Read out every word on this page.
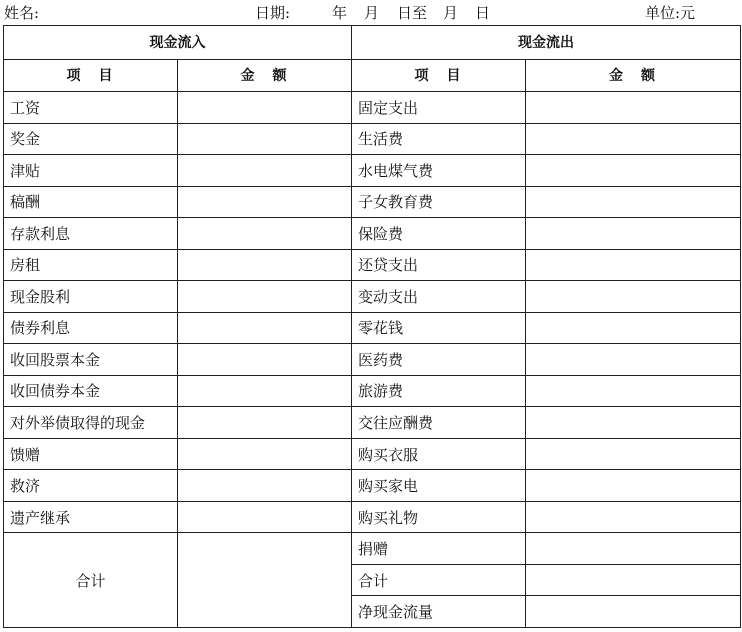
姓名:	日期:	年 月 日至 月 日	单位:元
现金流入		现金流出	
项　目	金　额	项　目	金　额
工资		固定支出	
奖金		生活费	
津贴		水电煤气费	
稿酬		子女教育费	
存款利息		保险费	
房租		还贷支出	
现金股利		变动支出	
债券利息		零花钱	
收回股票本金		医药费	
收回债券本金		旅游费	
对外举债取得的现金		交往应酬费	
馈赠		购买衣服	
救济		购买家电	
遗产继承		购买礼物	
合计		捐赠	
		合计	
		净现金流量	
